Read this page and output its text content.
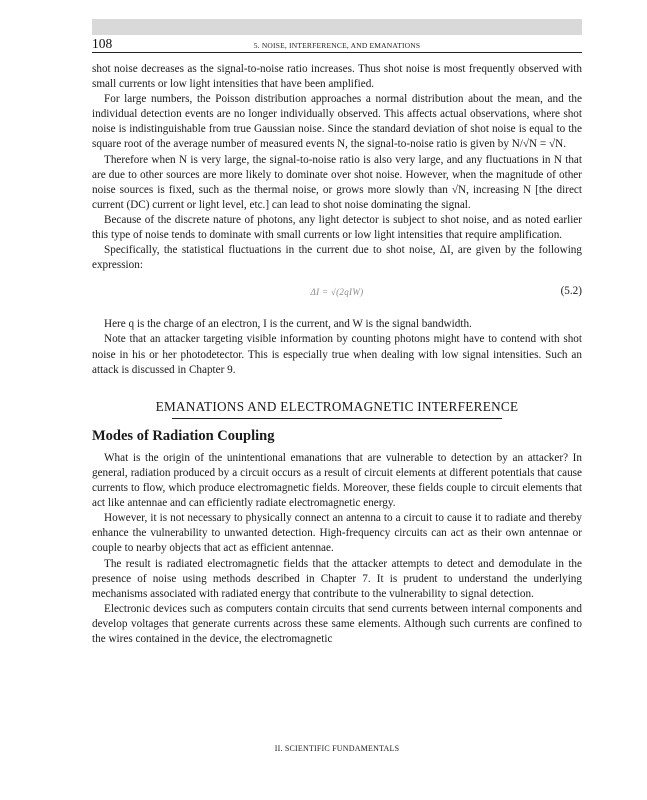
108	5. NOISE, INTERFERENCE, AND EMANATIONS

shot noise decreases as the signal-to-noise ratio increases. Thus shot noise is most frequently observed with small currents or low light intensities that have been amplified.

For large numbers, the Poisson distribution approaches a normal distribution about the mean, and the individual detection events are no longer individually observed. This affects actual observations, where shot noise is indistinguishable from true Gaussian noise. Since the standard deviation of shot noise is equal to the square root of the average number of measured events N, the signal-to-noise ratio is given by N/√N = √N.

Therefore when N is very large, the signal-to-noise ratio is also very large, and any fluctuations in N that are due to other sources are more likely to dominate over shot noise. However, when the magnitude of other noise sources is fixed, such as the thermal noise, or grows more slowly than √N, increasing N [the direct current (DC) current or light level, etc.] can lead to shot noise dominating the signal.

Because of the discrete nature of photons, any light detector is subject to shot noise, and as noted earlier this type of noise tends to dominate with small currents or low light intensities that require amplification.

Specifically, the statistical fluctuations in the current due to shot noise, ΔI, are given by the following expression:

ΔI = √(2qIW)	(5.2)

Here q is the charge of an electron, I is the current, and W is the signal bandwidth.

Note that an attacker targeting visible information by counting photons might have to contend with shot noise in his or her photodetector. This is especially true when dealing with low signal intensities. Such an attack is discussed in Chapter 9.

EMANATIONS AND ELECTROMAGNETIC INTERFERENCE
Modes of Radiation Coupling

What is the origin of the unintentional emanations that are vulnerable to detection by an attacker? In general, radiation produced by a circuit occurs as a result of circuit elements at different potentials that cause currents to flow, which produce electromagnetic fields. Moreover, these fields couple to circuit elements that act like antennae and can efficiently radiate electromagnetic energy.

However, it is not necessary to physically connect an antenna to a circuit to cause it to radiate and thereby enhance the vulnerability to unwanted detection. High-frequency circuits can act as their own antennae or couple to nearby objects that act as efficient antennae.

The result is radiated electromagnetic fields that the attacker attempts to detect and demodulate in the presence of noise using methods described in Chapter 7. It is prudent to understand the underlying mechanisms associated with radiated energy that contribute to the vulnerability to signal detection.

Electronic devices such as computers contain circuits that send currents between internal components and develop voltages that generate currents across these same elements. Although such currents are confined to the wires contained in the device, the electromagnetic

II. SCIENTIFIC FUNDAMENTALS
